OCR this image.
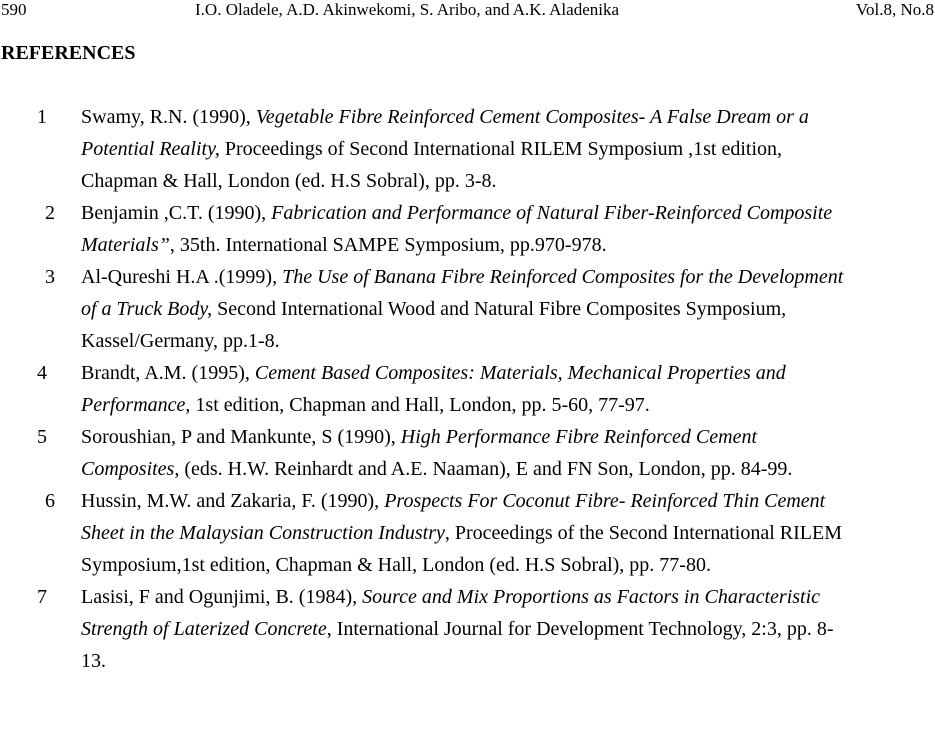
590	I.O. Oladele, A.D. Akinwekomi, S. Aribo, and A.K. Aladenika	Vol.8, No.8
REFERENCES
1 Swamy, R.N. (1990), Vegetable Fibre Reinforced Cement Composites- A False Dream or a Potential Reality, Proceedings of Second International RILEM Symposium ,1st edition, Chapman & Hall, London (ed. H.S Sobral), pp. 3-8.
2 Benjamin ,C.T. (1990), Fabrication and Performance of Natural Fiber-Reinforced Composite Materials”, 35th. International SAMPE Symposium, pp.970-978.
3 Al-Qureshi H.A .(1999), The Use of Banana Fibre Reinforced Composites for the Development of a Truck Body, Second International Wood and Natural Fibre Composites Symposium, Kassel/Germany, pp.1-8.
4 Brandt, A.M. (1995), Cement Based Composites: Materials, Mechanical Properties and Performance, 1st edition, Chapman and Hall, London, pp. 5-60, 77-97.
5 Soroushian, P and Mankunte, S (1990), High Performance Fibre Reinforced Cement Composites, (eds. H.W. Reinhardt and A.E. Naaman), E and FN Son, London, pp. 84-99.
6 Hussin, M.W. and Zakaria, F. (1990), Prospects For Coconut Fibre- Reinforced Thin Cement Sheet in the Malaysian Construction Industry, Proceedings of the Second International RILEM Symposium,1st edition, Chapman & Hall, London (ed. H.S Sobral), pp. 77-80.
7 Lasisi, F and Ogunjimi, B. (1984), Source and Mix Proportions as Factors in Characteristic Strength of Laterized Concrete, International Journal for Development Technology, 2:3, pp. 8-13.
